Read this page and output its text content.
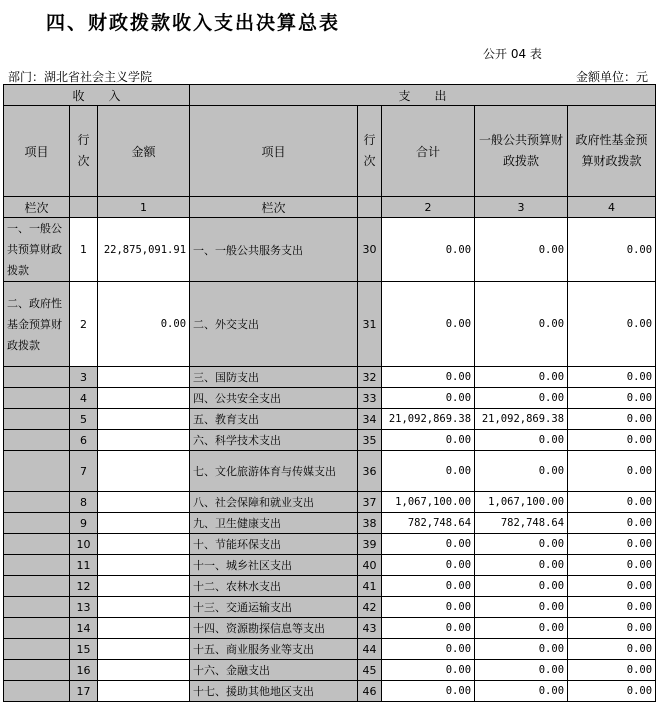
四、财政拨款收入支出决算总表
公开 04 表
部门：湖北省社会主义学院	金额单位：元
收　　入			支　　出				
项目	行次	金额	项目	行次	合计	一般公共预算财政拨款	政府性基金预算财政拨款
栏次		1	栏次		2	3	4
一、一般公共预算财政拨款	1	22,875,091.91	一、一般公共服务支出	30	0.00	0.00	0.00
二、政府性基金预算财政拨款	2	0.00	二、外交支出	31	0.00	0.00	0.00
	3		三、国防支出	32	0.00	0.00	0.00
	4		四、公共安全支出	33	0.00	0.00	0.00
	5		五、教育支出	34	21,092,869.38	21,092,869.38	0.00
	6		六、科学技术支出	35	0.00	0.00	0.00
	7		七、文化旅游体育与传媒支出	36	0.00	0.00	0.00
	8		八、社会保障和就业支出	37	1,067,100.00	1,067,100.00	0.00
	9		九、卫生健康支出	38	782,748.64	782,748.64	0.00
	10		十、节能环保支出	39	0.00	0.00	0.00
	11		十一、城乡社区支出	40	0.00	0.00	0.00
	12		十二、农林水支出	41	0.00	0.00	0.00
	13		十三、交通运输支出	42	0.00	0.00	0.00
	14		十四、资源勘探信息等支出	43	0.00	0.00	0.00
	15		十五、商业服务业等支出	44	0.00	0.00	0.00
	16		十六、金融支出	45	0.00	0.00	0.00
	17		十七、援助其他地区支出	46	0.00	0.00	0.00
